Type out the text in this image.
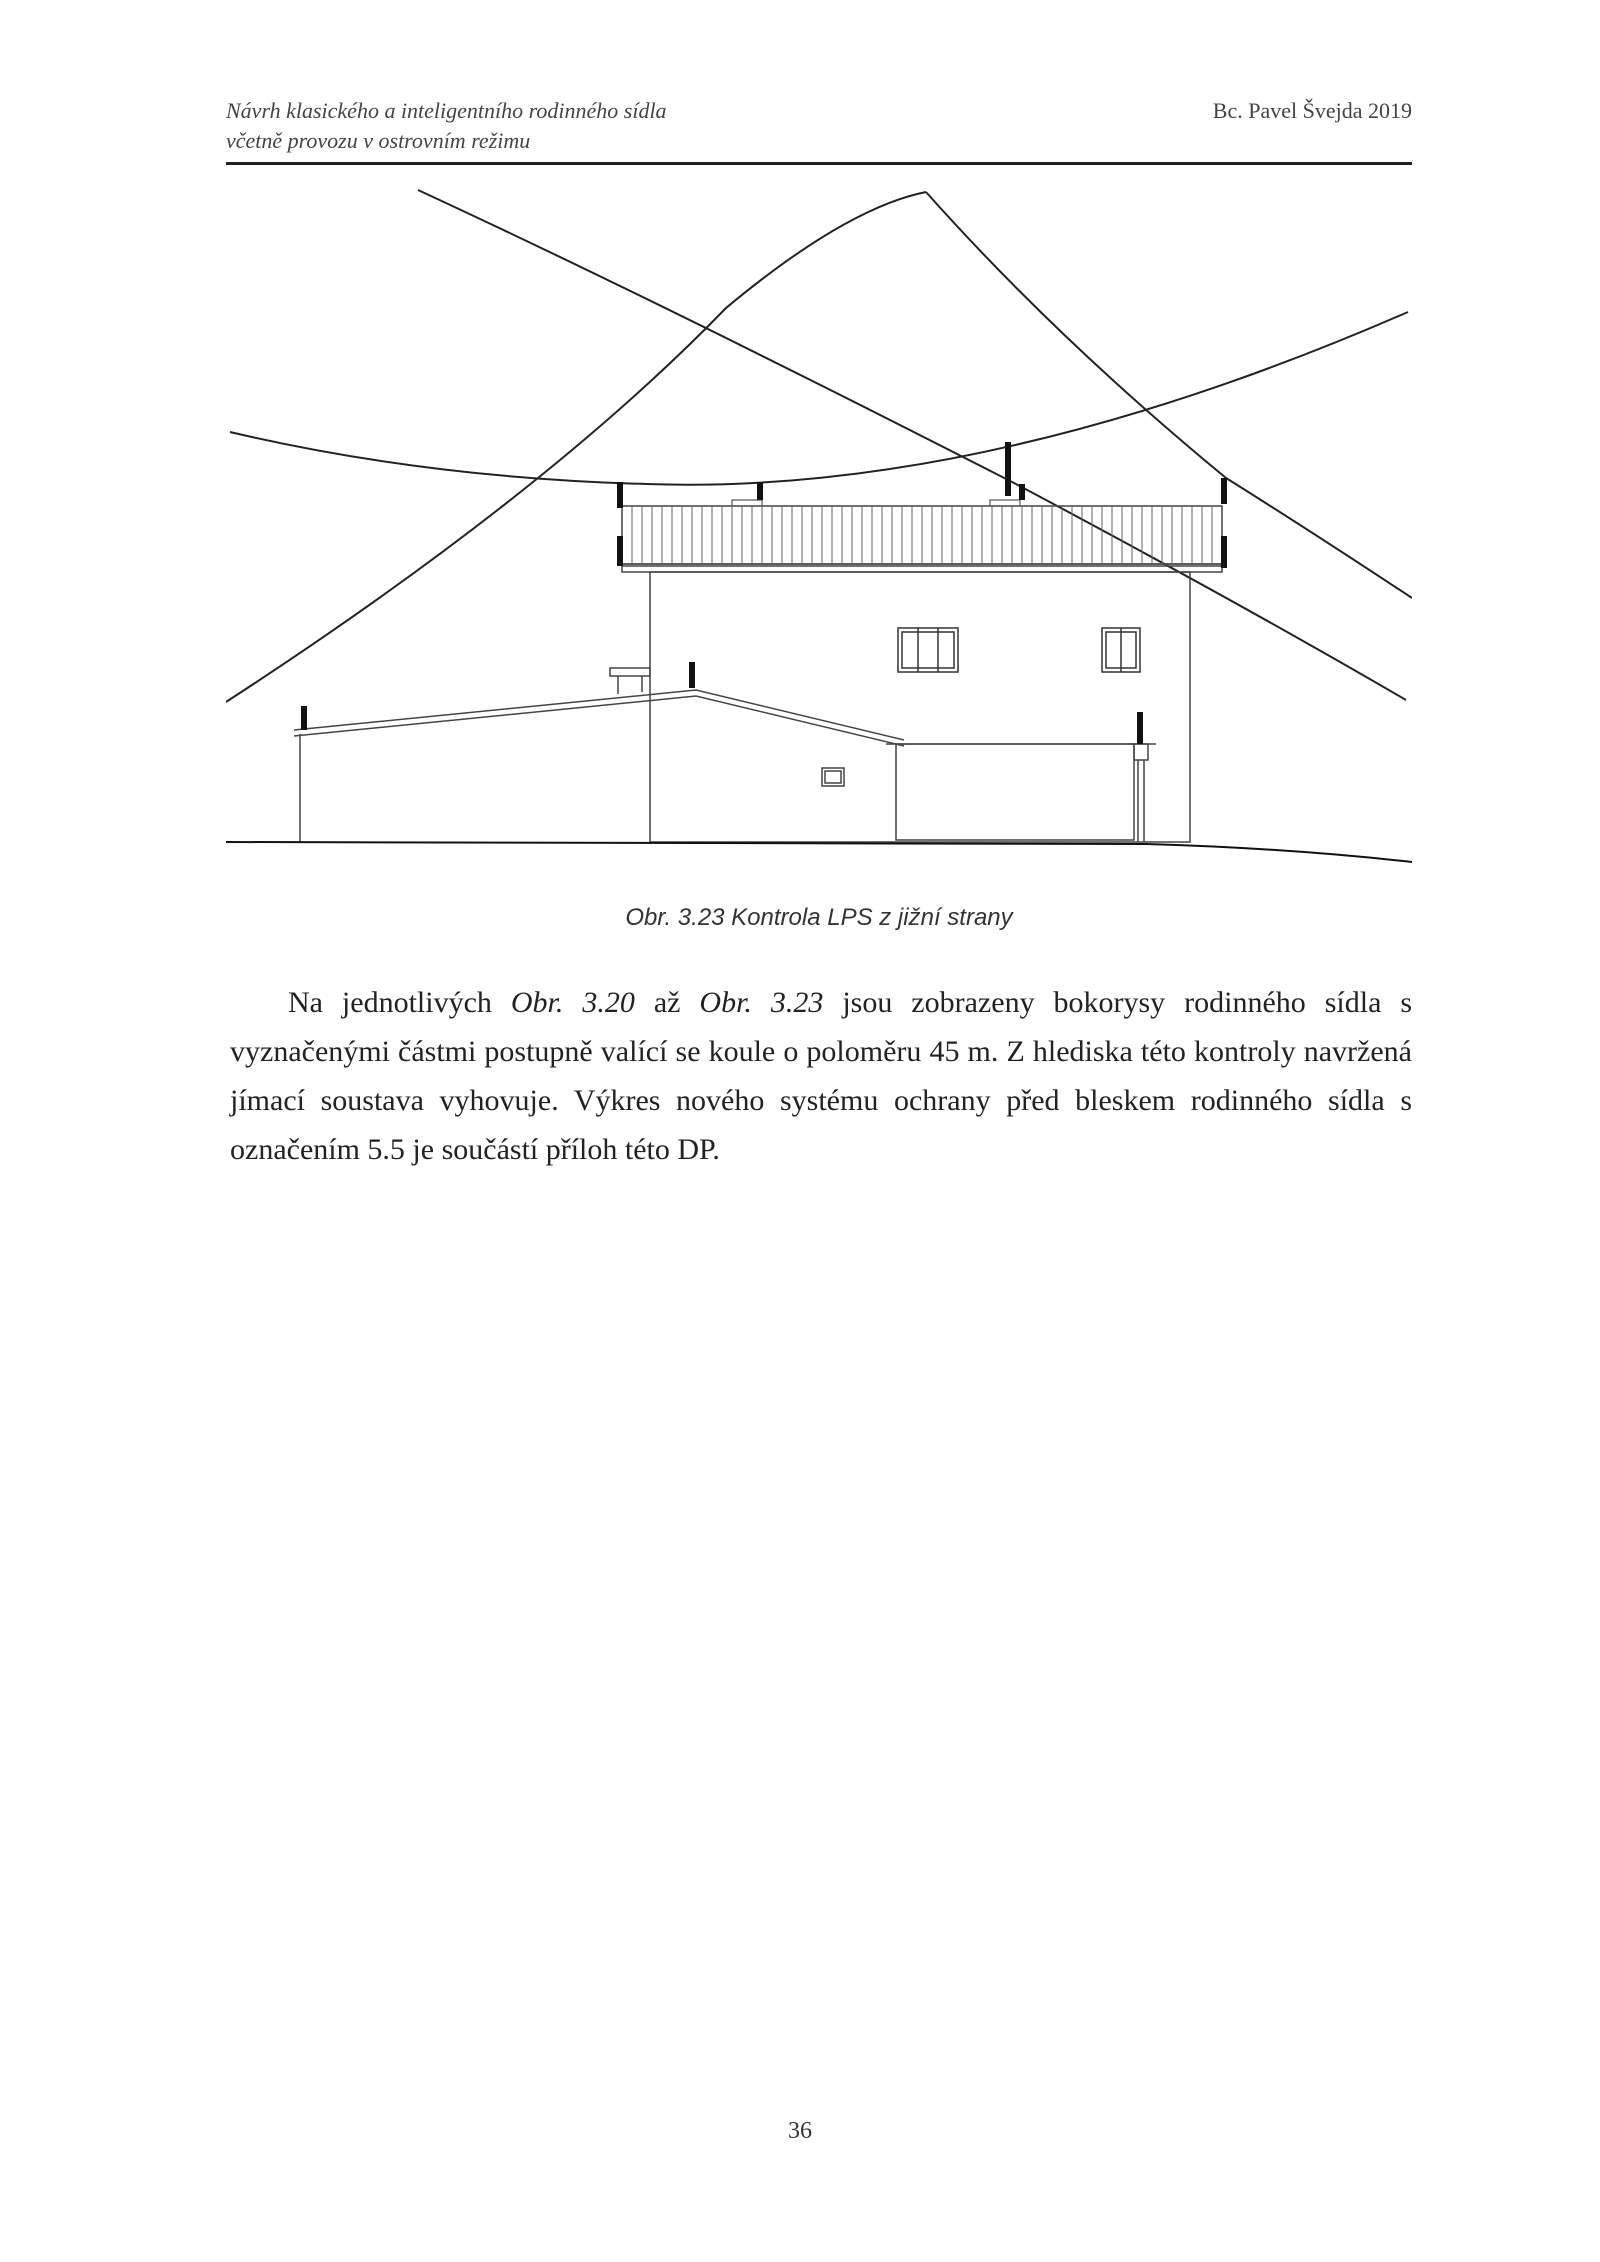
Návrh klasického a inteligentního rodinného sídla
včetně provozu v ostrovním režimu
Bc. Pavel Švejda 2019
Obr. 3.23 Kontrola LPS z jižní strany

Na jednotlivých Obr. 3.20 až Obr. 3.23 jsou zobrazeny bokorysy rodinného sídla s vyznačenými částmi postupně valící se koule o poloměru 45 m. Z hlediska této kontroly navržená jímací soustava vyhovuje. Výkres nového systému ochrany před bleskem rodinného sídla s označením 5.5 je součástí příloh této DP.

36
